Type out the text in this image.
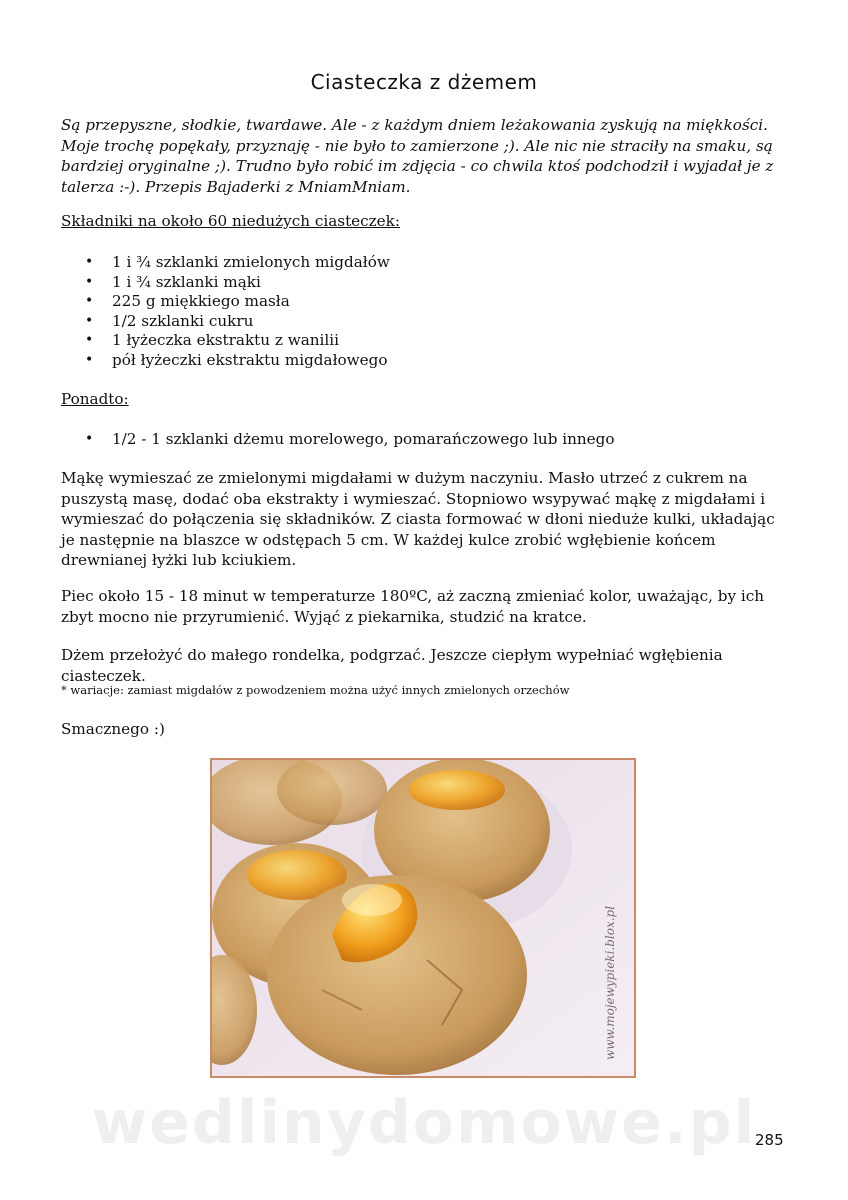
Ciasteczka z dżemem

Są przepyszne, słodkie, twardawe. Ale - z każdym dniem leżakowania zyskują na miękkości. Moje trochę popękały, przyznaję - nie było to zamierzone ;). Ale nic nie straciły na smaku, są bardziej oryginalne ;). Trudno było robić im zdjęcia - co chwila ktoś podchodził i wyjadał je z talerza :-). Przepis Bajaderki z MniamMniam.

Składniki na około 60 niedużych ciasteczek:

• 1 i ¾ szklanki zmielonych migdałów
• 1 i ¾ szklanki mąki
• 225 g miękkiego masła
• 1/2 szklanki cukru
• 1 łyżeczka ekstraktu z wanilii
• pół łyżeczki ekstraktu migdałowego

Ponadto:

• 1/2 - 1 szklanki dżemu morelowego, pomarańczowego lub innego

Mąkę wymieszać ze zmielonymi migdałami w dużym naczyniu. Masło utrzeć z cukrem na puszystą masę, dodać oba ekstrakty i wymieszać. Stopniowo wsypywać mąkę z migdałami i wymieszać do połączenia się składników. Z ciasta formować w dłoni nieduże kulki, układając je następnie na blaszce w odstępach 5 cm. W każdej kulce zrobić wgłębienie końcem drewnianej łyżki lub kciukiem.

Piec około 15 - 18 minut w temperaturze 180ºC, aż zaczną zmieniać kolor, uważając, by ich zbyt mocno nie przyrumienić. Wyjąć z piekarnika, studzić na kratce.

Dżem przełożyć do małego rondelka, podgrzać. Jeszcze ciepłym wypełniać wgłębienia ciasteczek.

* wariacje: zamiast migdałów z powodzeniem można użyć innych zmielonych orzechów

Smacznego :)

www.mojewypieki.blox.pl

wedlinydomowe.pl

285
